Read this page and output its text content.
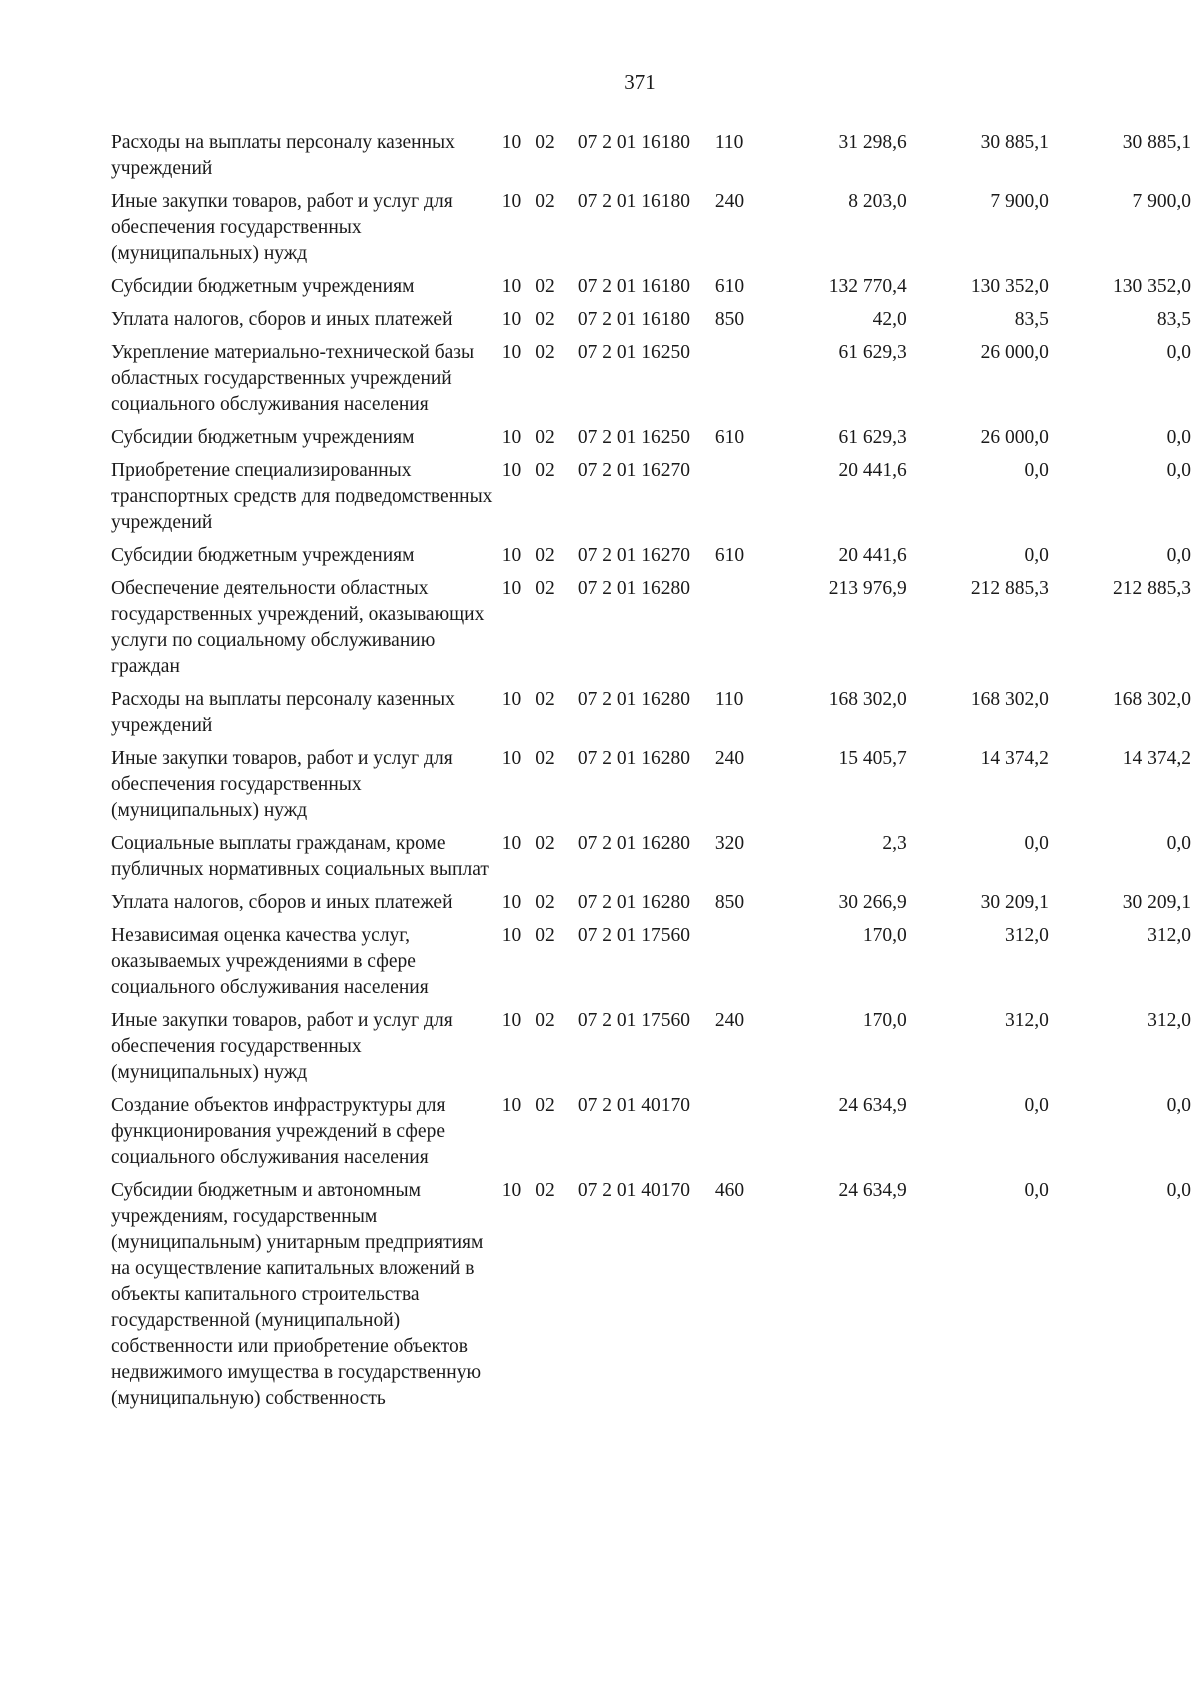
371
Расходы на выплаты персоналу казенных учреждений	10	02	07 2 01 16180	110	31 298,6	30 885,1	30 885,1
Иные закупки товаров, работ и услуг для обеспечения государственных (муниципальных) нужд	10	02	07 2 01 16180	240	8 203,0	7 900,0	7 900,0
Субсидии бюджетным учреждениям	10	02	07 2 01 16180	610	132 770,4	130 352,0	130 352,0
Уплата налогов, сборов и иных платежей	10	02	07 2 01 16180	850	42,0	83,5	83,5
Укрепление материально-технической базы областных государственных учреждений социального обслуживания населения	10	02	07 2 01 16250		61 629,3	26 000,0	0,0
Субсидии бюджетным учреждениям	10	02	07 2 01 16250	610	61 629,3	26 000,0	0,0
Приобретение специализированных транспортных средств для подведомственных учреждений	10	02	07 2 01 16270		20 441,6	0,0	0,0
Субсидии бюджетным учреждениям	10	02	07 2 01 16270	610	20 441,6	0,0	0,0
Обеспечение деятельности областных государственных учреждений, оказывающих услуги по социальному обслуживанию граждан	10	02	07 2 01 16280		213 976,9	212 885,3	212 885,3
Расходы на выплаты персоналу казенных учреждений	10	02	07 2 01 16280	110	168 302,0	168 302,0	168 302,0
Иные закупки товаров, работ и услуг для обеспечения государственных (муниципальных) нужд	10	02	07 2 01 16280	240	15 405,7	14 374,2	14 374,2
Социальные выплаты гражданам, кроме публичных нормативных социальных выплат	10	02	07 2 01 16280	320	2,3	0,0	0,0
Уплата налогов, сборов и иных платежей	10	02	07 2 01 16280	850	30 266,9	30 209,1	30 209,1
Независимая оценка качества услуг, оказываемых учреждениями в сфере социального обслуживания населения	10	02	07 2 01 17560		170,0	312,0	312,0
Иные закупки товаров, работ и услуг для обеспечения государственных (муниципальных) нужд	10	02	07 2 01 17560	240	170,0	312,0	312,0
Создание объектов инфраструктуры для функционирования учреждений в сфере социального обслуживания населения	10	02	07 2 01 40170		24 634,9	0,0	0,0
Субсидии бюджетным и автономным учреждениям, государственным (муниципальным) унитарным предприятиям на осуществление капитальных вложений в объекты капитального строительства государственной (муниципальной) собственности или приобретение объектов недвижимого имущества в государственную (муниципальную) собственность	10	02	07 2 01 40170	460	24 634,9	0,0	0,0
